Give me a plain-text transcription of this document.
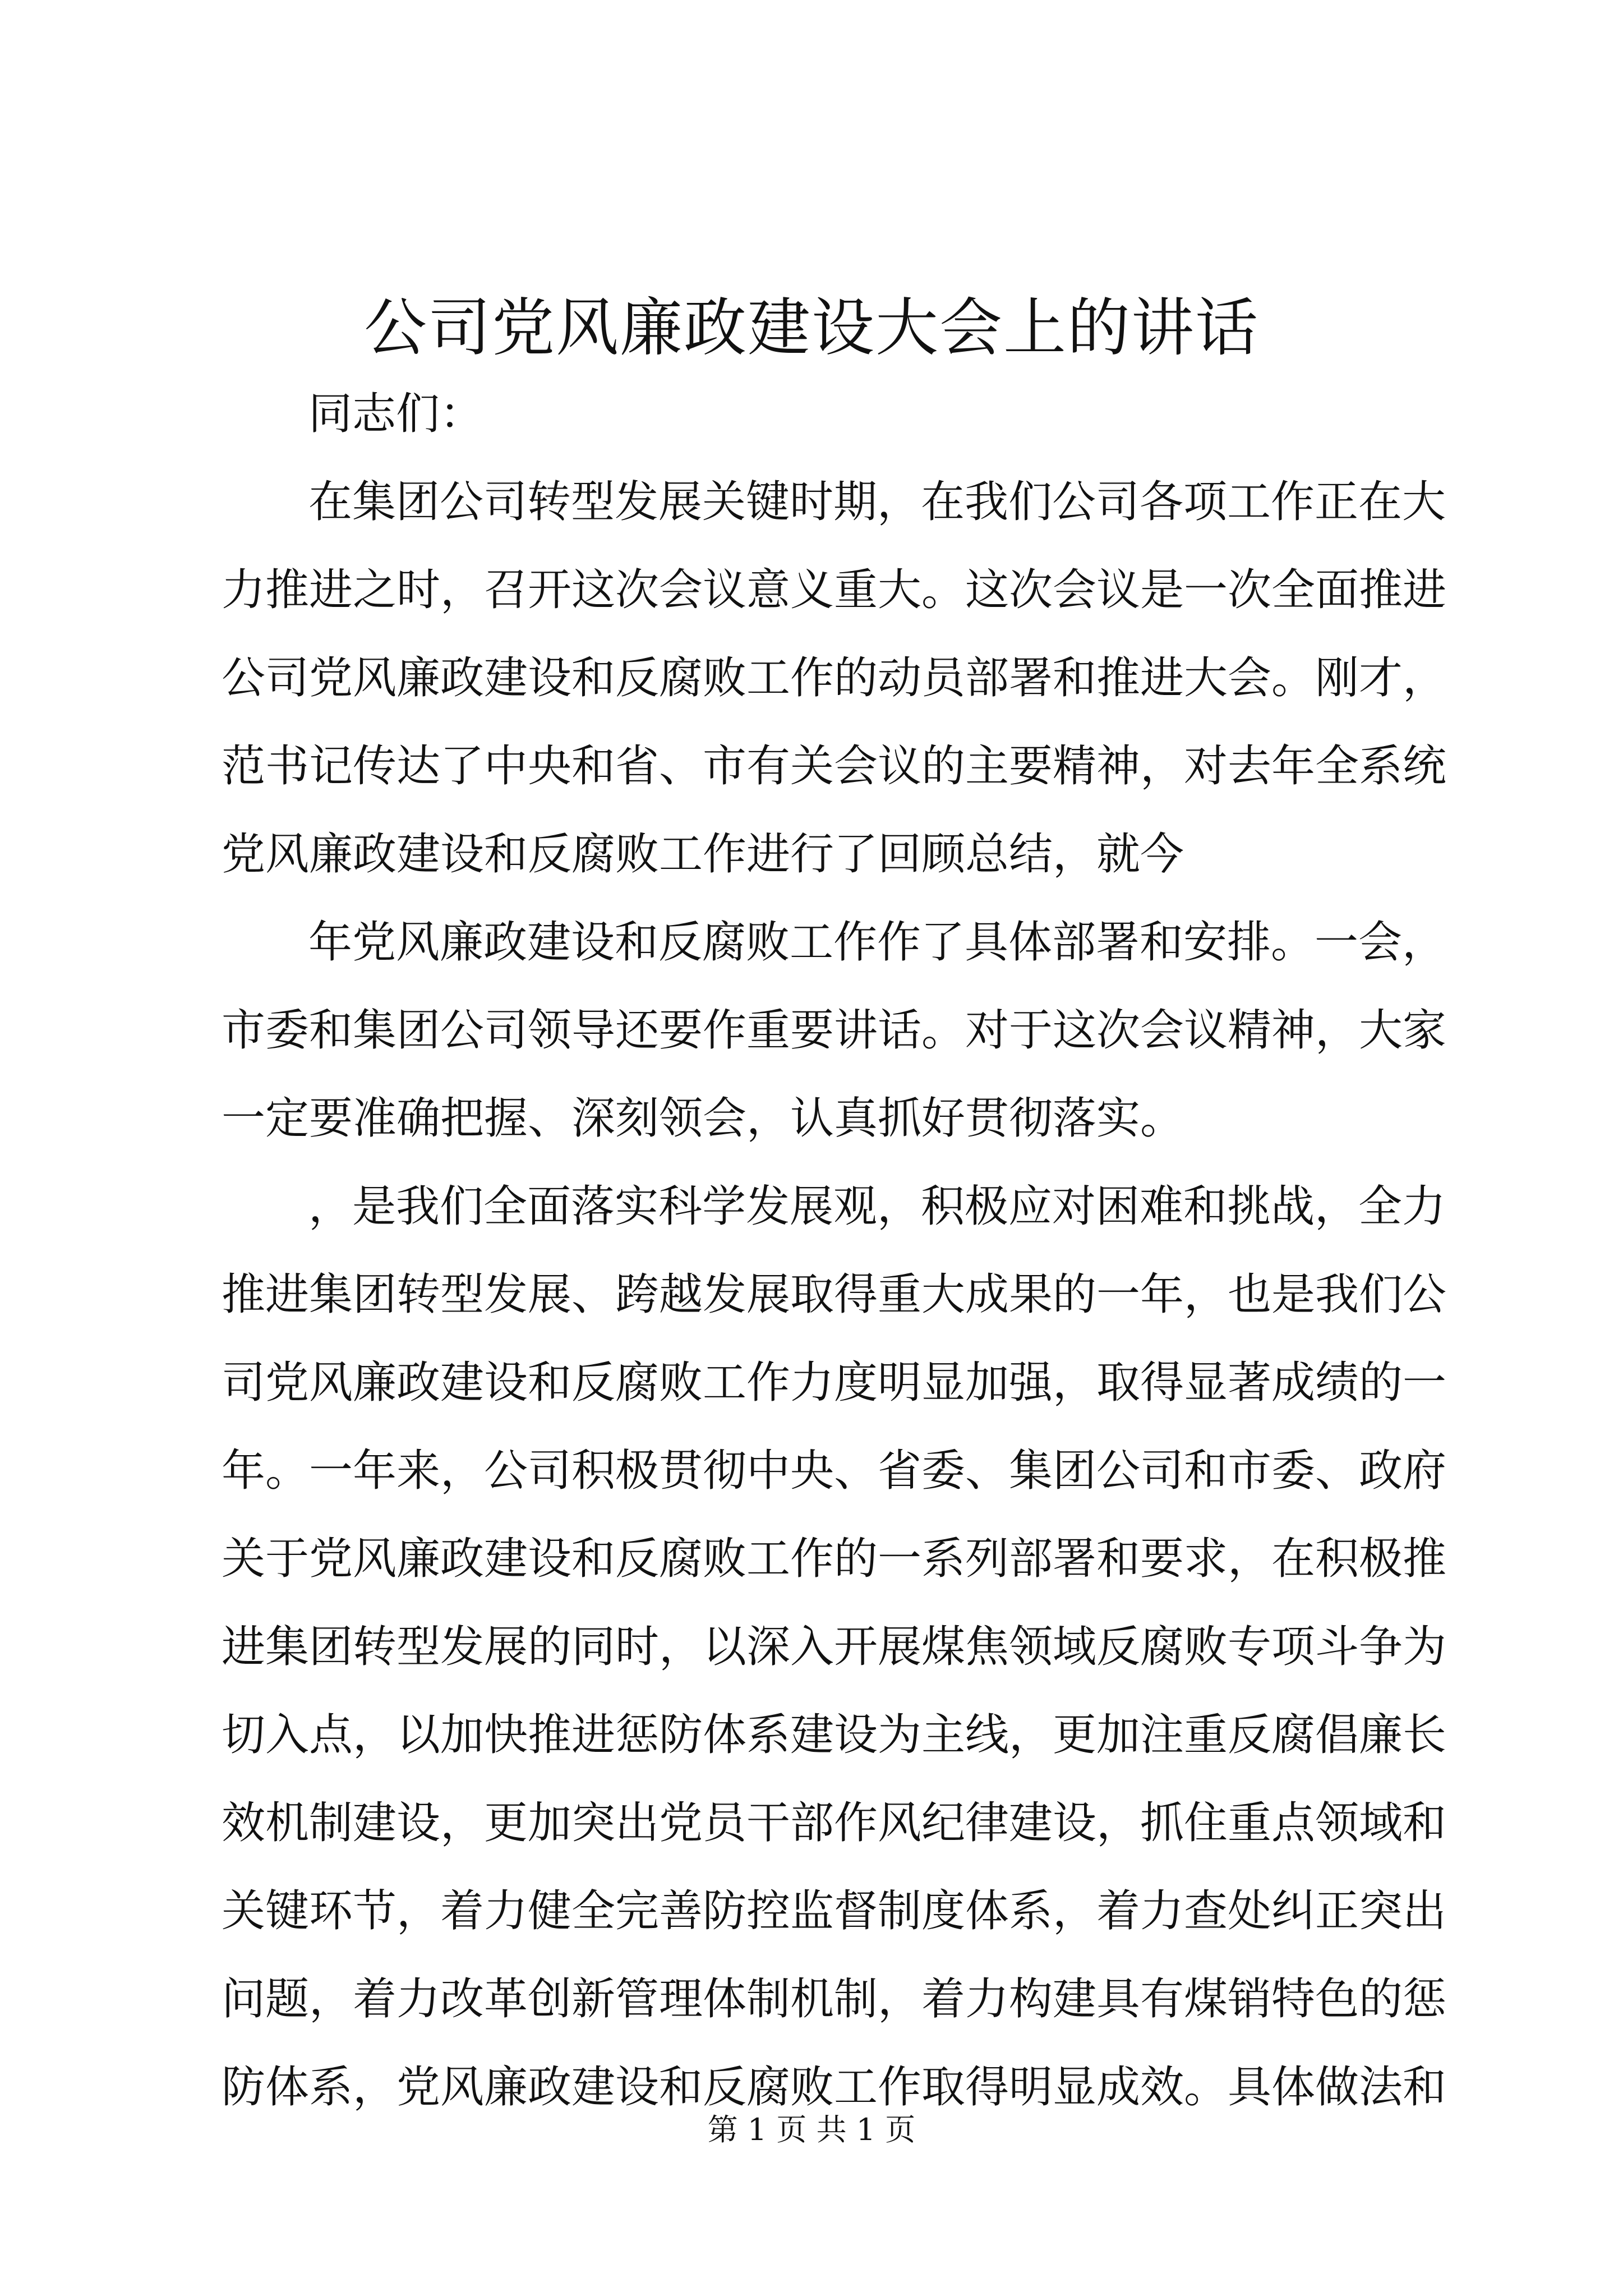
公司党风廉政建设大会上的讲话
同志们：
在集团公司转型发展关键时期，在我们公司各项工作正在大
力推进之时，召开这次会议意义重大。这次会议是一次全面推进
公司党风廉政建设和反腐败工作的动员部署和推进大会。刚才，
范书记传达了中央和省、市有关会议的主要精神，对去年全系统
党风廉政建设和反腐败工作进行了回顾总结，就今
年党风廉政建设和反腐败工作作了具体部署和安排。一会，
市委和集团公司领导还要作重要讲话。对于这次会议精神，大家
一定要准确把握、深刻领会，认真抓好贯彻落实。
，是我们全面落实科学发展观，积极应对困难和挑战，全力
推进集团转型发展、跨越发展取得重大成果的一年，也是我们公
司党风廉政建设和反腐败工作力度明显加强，取得显著成绩的一
年。一年来，公司积极贯彻中央、省委、集团公司和市委、政府
关于党风廉政建设和反腐败工作的一系列部署和要求，在积极推
进集团转型发展的同时，以深入开展煤焦领域反腐败专项斗争为
切入点，以加快推进惩防体系建设为主线，更加注重反腐倡廉长
效机制建设，更加突出党员干部作风纪律建设，抓住重点领域和
关键环节，着力健全完善防控监督制度体系，着力查处纠正突出
问题，着力改革创新管理体制机制，着力构建具有煤销特色的惩
防体系，党风廉政建设和反腐败工作取得明显成效。具体做法和
第 1 页 共 1 页
